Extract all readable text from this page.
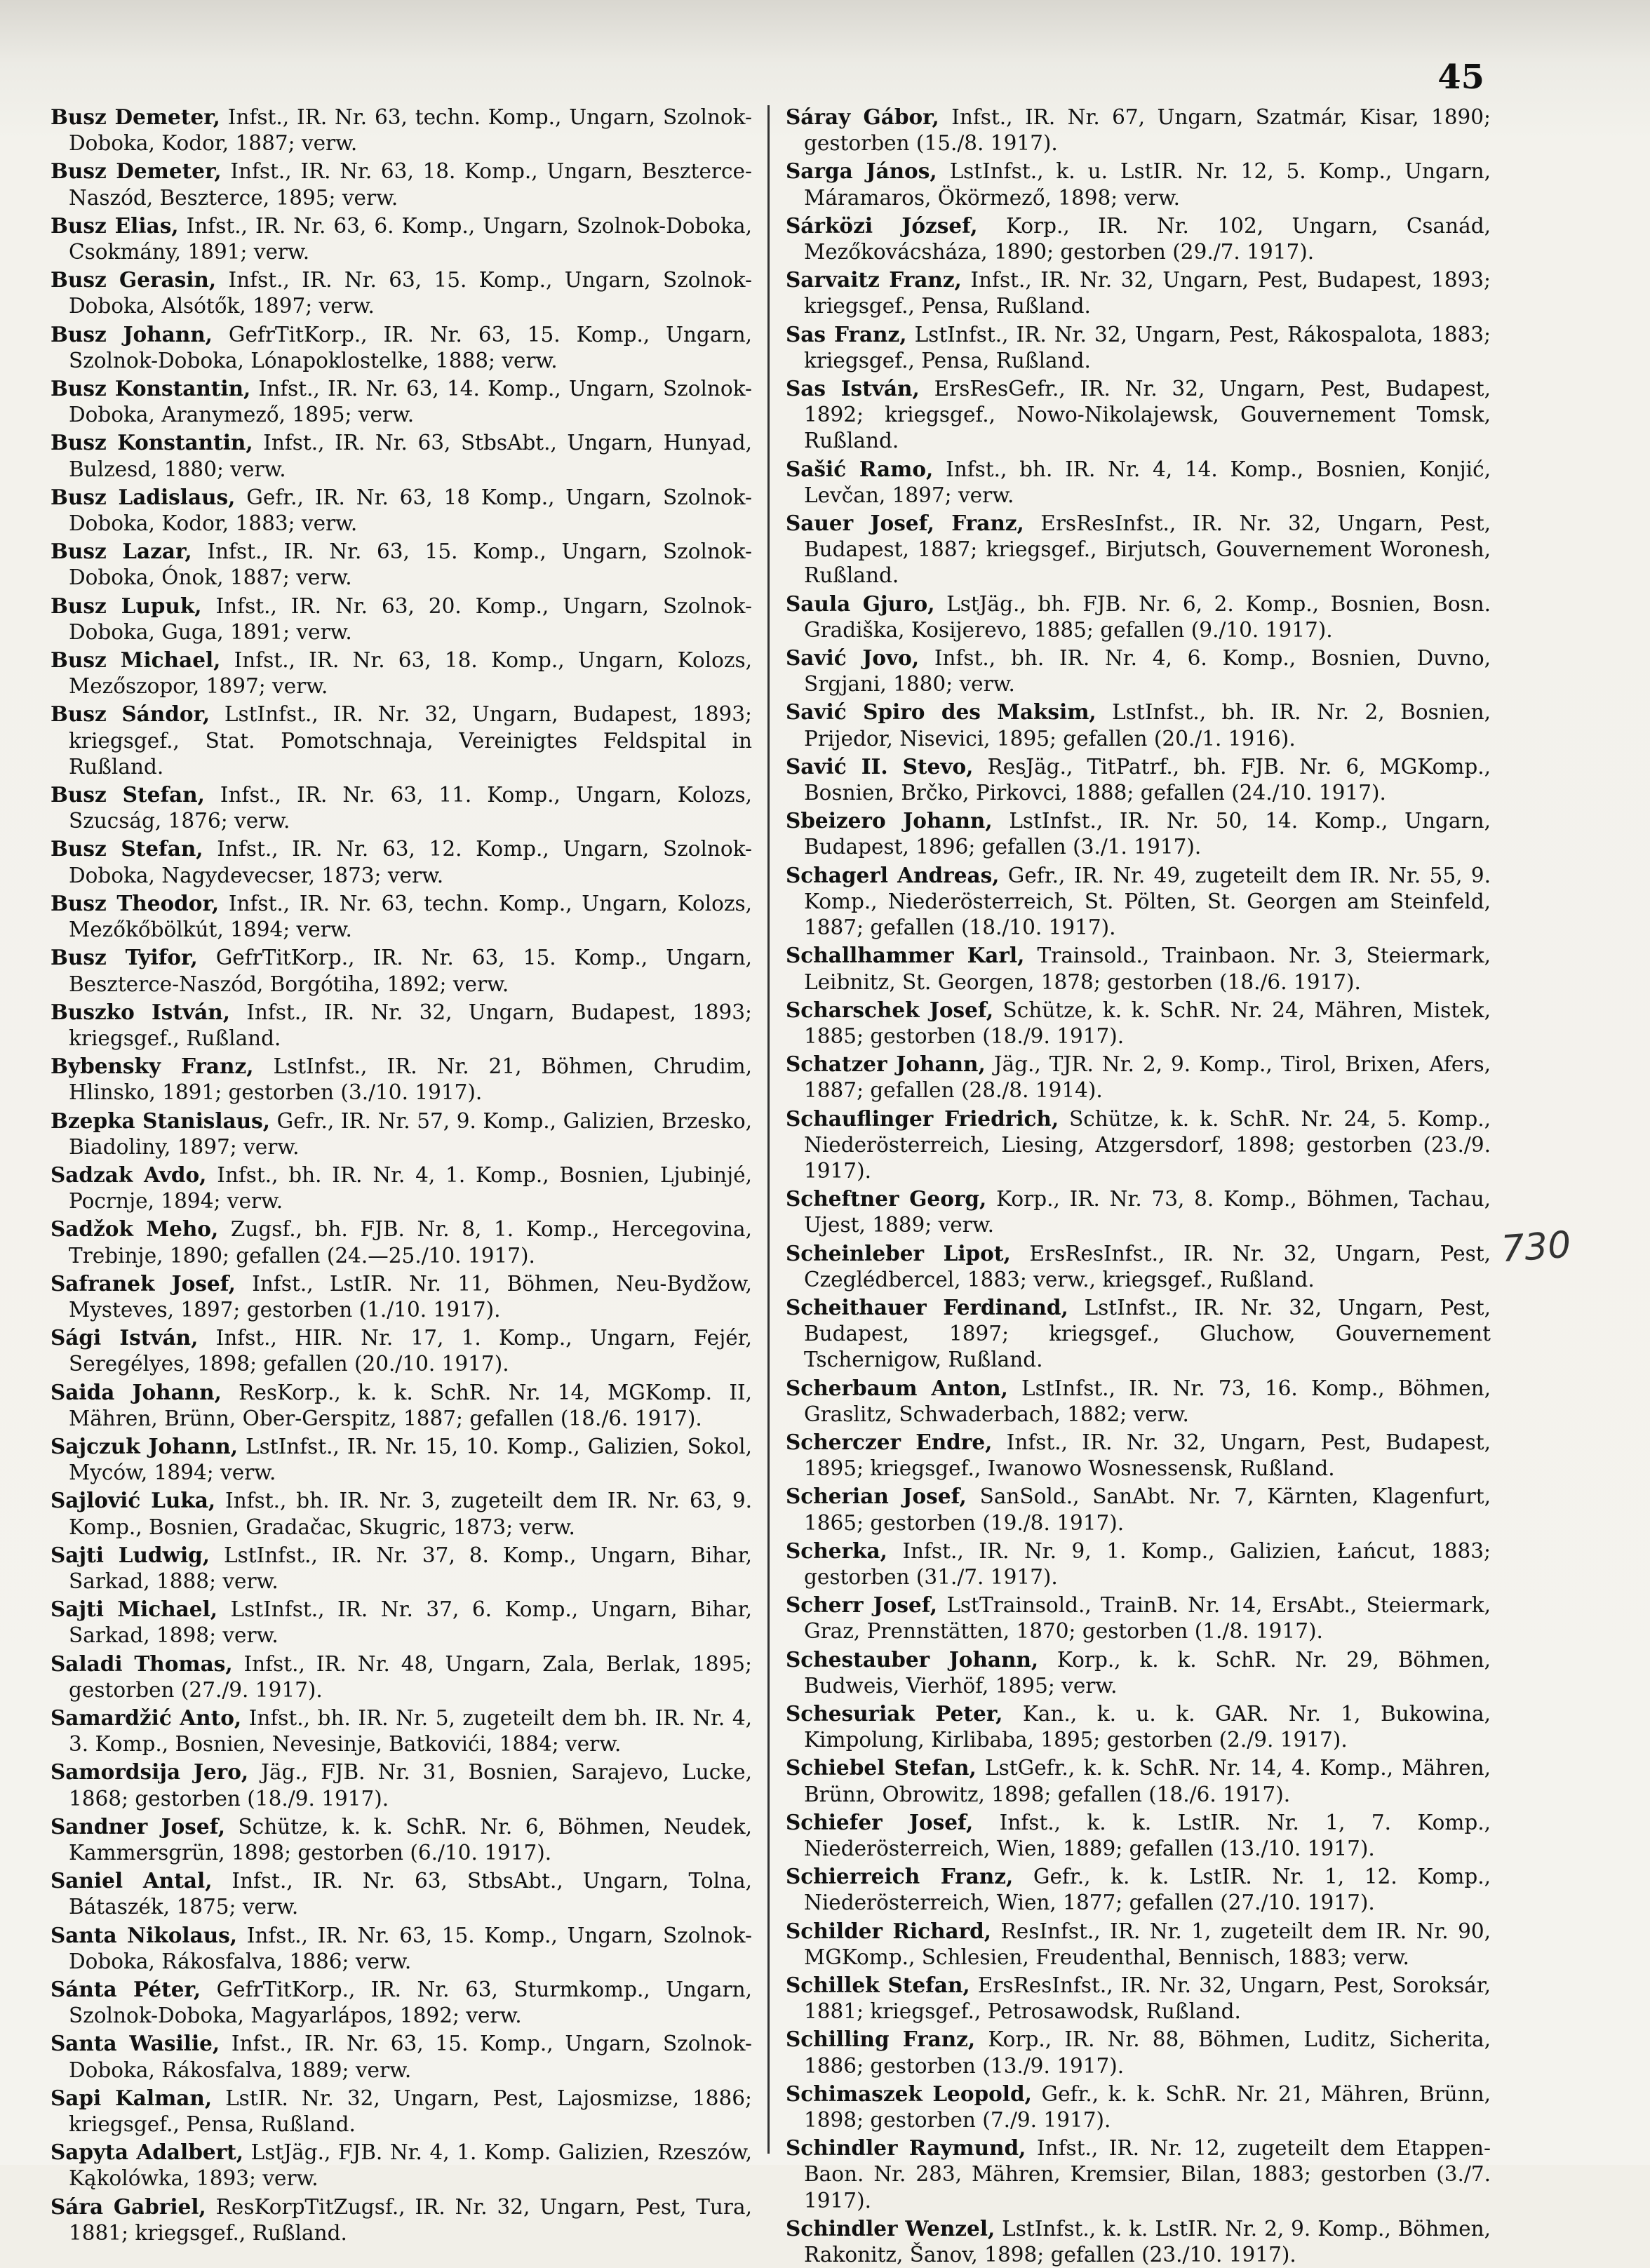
45

Busz Demeter, Infst., IR. Nr. 63, techn. Komp., Ungarn, Szolnok-Doboka, Kodor, 1887; verw.

Busz Demeter, Infst., IR. Nr. 63, 18. Komp., Ungarn, Beszterce-Naszód, Beszterce, 1895; verw.

Busz Elias, Infst., IR. Nr. 63, 6. Komp., Ungarn, Szolnok-Doboka, Csokmány, 1891; verw.

Busz Gerasin, Infst., IR. Nr. 63, 15. Komp., Ungarn, Szolnok-Doboka, Alsótők, 1897; verw.

Busz Johann, GefrTitKorp., IR. Nr. 63, 15. Komp., Ungarn, Szolnok-Doboka, Lónapoklostelke, 1888; verw.

Busz Konstantin, Infst., IR. Nr. 63, 14. Komp., Ungarn, Szolnok-Doboka, Aranymező, 1895; verw.

Busz Konstantin, Infst., IR. Nr. 63, StbsAbt., Ungarn, Hunyad, Bulzesd, 1880; verw.

Busz Ladislaus, Gefr., IR. Nr. 63, 18 Komp., Ungarn, Szolnok-Doboka, Kodor, 1883; verw.

Busz Lazar, Infst., IR. Nr. 63, 15. Komp., Ungarn, Szolnok-Doboka, Ónok, 1887; verw.

Busz Lupuk, Infst., IR. Nr. 63, 20. Komp., Ungarn, Szolnok-Doboka, Guga, 1891; verw.

Busz Michael, Infst., IR. Nr. 63, 18. Komp., Ungarn, Kolozs, Mezőszopor, 1897; verw.

Busz Sándor, LstInfst., IR. Nr. 32, Ungarn, Budapest, 1893; kriegsgef., Stat. Pomotschnaja, Vereinigtes Feldspital in Rußland.

Busz Stefan, Infst., IR. Nr. 63, 11. Komp., Ungarn, Kolozs, Szucság, 1876; verw.

Busz Stefan, Infst., IR. Nr. 63, 12. Komp., Ungarn, Szolnok-Doboka, Nagydevecser, 1873; verw.

Busz Theodor, Infst., IR. Nr. 63, techn. Komp., Ungarn, Kolozs, Mezőkőbölkút, 1894; verw.

Busz Tyifor, GefrTitKorp., IR. Nr. 63, 15. Komp., Ungarn, Beszterce-Naszód, Borgótiha, 1892; verw.

Buszko István, Infst., IR. Nr. 32, Ungarn, Budapest, 1893; kriegsgef., Rußland.

Bybensky Franz, LstInfst., IR. Nr. 21, Böhmen, Chrudim, Hlinsko, 1891; gestorben (3./10. 1917).

Bzepka Stanislaus, Gefr., IR. Nr. 57, 9. Komp., Galizien, Brzesko, Biadoliny, 1897; verw.

Sadzak Avdo, Infst., bh. IR. Nr. 4, 1. Komp., Bosnien, Ljubinjé, Pocrnje, 1894; verw.

Sadžok Meho, Zugsf., bh. FJB. Nr. 8, 1. Komp., Hercegovina, Trebinje, 1890; gefallen (24.—25./10. 1917).

Safranek Josef, Infst., LstIR. Nr. 11, Böhmen, Neu-Bydžow, Mysteves, 1897; gestorben (1./10. 1917).

Sági István, Infst., HIR. Nr. 17, 1. Komp., Ungarn, Fejér, Seregélyes, 1898; gefallen (20./10. 1917).

Saida Johann, ResKorp., k. k. SchR. Nr. 14, MGKomp. II, Mähren, Brünn, Ober-Gerspitz, 1887; gefallen (18./6. 1917).

Sajczuk Johann, LstInfst., IR. Nr. 15, 10. Komp., Galizien, Sokol, Myców, 1894; verw.

Sajlović Luka, Infst., bh. IR. Nr. 3, zugeteilt dem IR. Nr. 63, 9. Komp., Bosnien, Gradačac, Skugric, 1873; verw.

Sajti Ludwig, LstInfst., IR. Nr. 37, 8. Komp., Ungarn, Bihar, Sarkad, 1888; verw.

Sajti Michael, LstInfst., IR. Nr. 37, 6. Komp., Ungarn, Bihar, Sarkad, 1898; verw.

Saladi Thomas, Infst., IR. Nr. 48, Ungarn, Zala, Berlak, 1895; gestorben (27./9. 1917).

Samardžić Anto, Infst., bh. IR. Nr. 5, zugeteilt dem bh. IR. Nr. 4, 3. Komp., Bosnien, Nevesinje, Batkovići, 1884; verw.

Samordsija Jero, Jäg., FJB. Nr. 31, Bosnien, Sarajevo, Lucke, 1868; gestorben (18./9. 1917).

Sandner Josef, Schütze, k. k. SchR. Nr. 6, Böhmen, Neudek, Kammersgrün, 1898; gestorben (6./10. 1917).

Saniel Antal, Infst., IR. Nr. 63, StbsAbt., Ungarn, Tolna, Bátaszék, 1875; verw.

Santa Nikolaus, Infst., IR. Nr. 63, 15. Komp., Ungarn, Szolnok-Doboka, Rákosfalva, 1886; verw.

Sánta Péter, GefrTitKorp., IR. Nr. 63, Sturmkomp., Ungarn, Szolnok-Doboka, Magyarlápos, 1892; verw.

Santa Wasilie, Infst., IR. Nr. 63, 15. Komp., Ungarn, Szolnok-Doboka, Rákosfalva, 1889; verw.

Sapi Kalman, LstIR. Nr. 32, Ungarn, Pest, Lajosmizse, 1886; kriegsgef., Pensa, Rußland.

Sapyta Adalbert, LstJäg., FJB. Nr. 4, 1. Komp. Galizien, Rzeszów, Kąkolówka, 1893; verw.

Sára Gabriel, ResKorpTitZugsf., IR. Nr. 32, Ungarn, Pest, Tura, 1881; kriegsgef., Rußland.

Sáray Gábor, Infst., IR. Nr. 67, Ungarn, Szatmár, Kisar, 1890; gestorben (15./8. 1917).

Sarga János, LstInfst., k. u. LstIR. Nr. 12, 5. Komp., Ungarn, Máramaros, Ökörmező, 1898; verw.

Sárközi József, Korp., IR. Nr. 102, Ungarn, Csanád, Mezőkovácsháza, 1890; gestorben (29./7. 1917).

Sarvaitz Franz, Infst., IR. Nr. 32, Ungarn, Pest, Budapest, 1893; kriegsgef., Pensa, Rußland.

Sas Franz, LstInfst., IR. Nr. 32, Ungarn, Pest, Rákospalota, 1883; kriegsgef., Pensa, Rußland.

Sas István, ErsResGefr., IR. Nr. 32, Ungarn, Pest, Budapest, 1892; kriegsgef., Nowo-Nikolajewsk, Gouvernement Tomsk, Rußland.

Sašić Ramo, Infst., bh. IR. Nr. 4, 14. Komp., Bosnien, Konjić, Levčan, 1897; verw.

Sauer Josef, Franz, ErsResInfst., IR. Nr. 32, Ungarn, Pest, Budapest, 1887; kriegsgef., Birjutsch, Gouvernement Woronesh, Rußland.

Saula Gjuro, LstJäg., bh. FJB. Nr. 6, 2. Komp., Bosnien, Bosn. Gradiška, Kosijerevo, 1885; gefallen (9./10. 1917).

Savić Jovo, Infst., bh. IR. Nr. 4, 6. Komp., Bosnien, Duvno, Srgjani, 1880; verw.

Savić Spiro des Maksim, LstInfst., bh. IR. Nr. 2, Bosnien, Prijedor, Nisevici, 1895; gefallen (20./1. 1916).

Savić II. Stevo, ResJäg., TitPatrf., bh. FJB. Nr. 6, MGKomp., Bosnien, Brčko, Pirkovci, 1888; gefallen (24./10. 1917).

Sbeizero Johann, LstInfst., IR. Nr. 50, 14. Komp., Ungarn, Budapest, 1896; gefallen (3./1. 1917).

Schagerl Andreas, Gefr., IR. Nr. 49, zugeteilt dem IR. Nr. 55, 9. Komp., Niederösterreich, St. Pölten, St. Georgen am Steinfeld, 1887; gefallen (18./10. 1917).

Schallhammer Karl, Trainsold., Trainbaon. Nr. 3, Steiermark, Leibnitz, St. Georgen, 1878; gestorben (18./6. 1917).

Scharschek Josef, Schütze, k. k. SchR. Nr. 24, Mähren, Mistek, 1885; gestorben (18./9. 1917).

Schatzer Johann, Jäg., TJR. Nr. 2, 9. Komp., Tirol, Brixen, Afers, 1887; gefallen (28./8. 1914).

Schauflinger Friedrich, Schütze, k. k. SchR. Nr. 24, 5. Komp., Niederösterreich, Liesing, Atzgersdorf, 1898; gestorben (23./9. 1917).

Scheftner Georg, Korp., IR. Nr. 73, 8. Komp., Böhmen, Tachau, Ujest, 1889; verw.

Scheinleber Lipot, ErsResInfst., IR. Nr. 32, Ungarn, Pest, Czeglédbercel, 1883; verw., kriegsgef., Rußland.

Scheithauer Ferdinand, LstInfst., IR. Nr. 32, Ungarn, Pest, Budapest, 1897; kriegsgef., Gluchow, Gouvernement Tschernigow, Rußland.

Scherbaum Anton, LstInfst., IR. Nr. 73, 16. Komp., Böhmen, Graslitz, Schwaderbach, 1882; verw.

Scherczer Endre, Infst., IR. Nr. 32, Ungarn, Pest, Budapest, 1895; kriegsgef., Iwanowo Wosnessensk, Rußland.

Scherian Josef, SanSold., SanAbt. Nr. 7, Kärnten, Klagenfurt, 1865; gestorben (19./8. 1917).

Scherka, Infst., IR. Nr. 9, 1. Komp., Galizien, Łańcut, 1883; gestorben (31./7. 1917).

Scherr Josef, LstTrainsold., TrainB. Nr. 14, ErsAbt., Steiermark, Graz, Prennstätten, 1870; gestorben (1./8. 1917).

Schestauber Johann, Korp., k. k. SchR. Nr. 29, Böhmen, Budweis, Vierhöf, 1895; verw.

Schesuriak Peter, Kan., k. u. k. GAR. Nr. 1, Bukowina, Kimpolung, Kirlibaba, 1895; gestorben (2./9. 1917).

Schiebel Stefan, LstGefr., k. k. SchR. Nr. 14, 4. Komp., Mähren, Brünn, Obrowitz, 1898; gefallen (18./6. 1917).

Schiefer Josef, Infst., k. k. LstIR. Nr. 1, 7. Komp., Niederösterreich, Wien, 1889; gefallen (13./10. 1917).

Schierreich Franz, Gefr., k. k. LstIR. Nr. 1, 12. Komp., Niederösterreich, Wien, 1877; gefallen (27./10. 1917).

Schilder Richard, ResInfst., IR. Nr. 1, zugeteilt dem IR. Nr. 90, MGKomp., Schlesien, Freudenthal, Bennisch, 1883; verw.

Schillek Stefan, ErsResInfst., IR. Nr. 32, Ungarn, Pest, Soroksár, 1881; kriegsgef., Petrosawodsk, Rußland.

Schilling Franz, Korp., IR. Nr. 88, Böhmen, Luditz, Sicherita, 1886; gestorben (13./9. 1917).

Schimaszek Leopold, Gefr., k. k. SchR. Nr. 21, Mähren, Brünn, 1898; gestorben (7./9. 1917).

Schindler Raymund, Infst., IR. Nr. 12, zugeteilt dem Etappen-Baon. Nr. 283, Mähren, Kremsier, Bilan, 1883; gestorben (3./7. 1917).

Schindler Wenzel, LstInfst., k. k. LstIR. Nr. 2, 9. Komp., Böhmen, Rakonitz, Šanov, 1898; gefallen (23./10. 1917).

730
